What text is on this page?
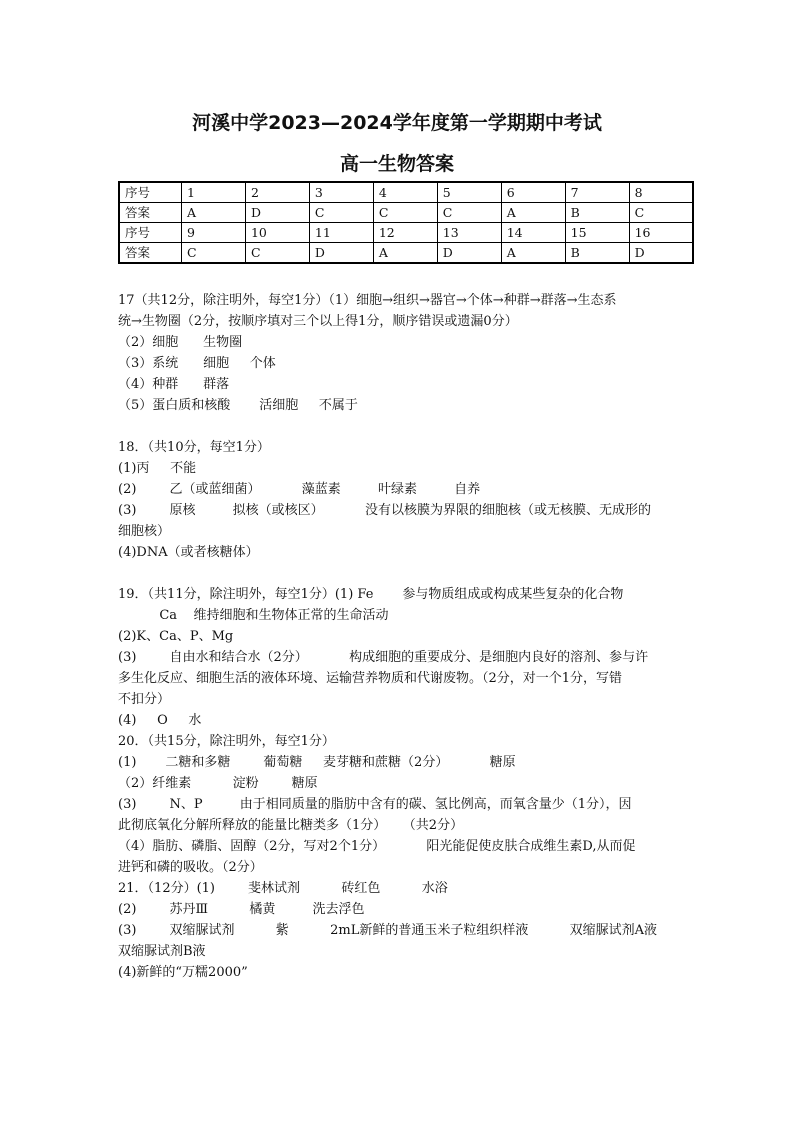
河溪中学2023—2024学年度第一学期期中考试
高一生物答案
序号	1	2	3	4	5	6	7	8
答案	A	D	C	C	C	A	B	C
序号	9	10	11	12	13	14	15	16
答案	C	C	D	A	D	A	B	D
17（共12分，除注明外，每空1分）（1）细胞→组织→器官→个体→种群→群落→生态系
统→生物圈（2分，按顺序填对三个以上得1分，顺序错误或遗漏0分）
（2）细胞      生物圈
（3）系统      细胞     个体
（4）种群      群落
（5）蛋白质和核酸       活细胞     不属于
18．（共10分，每空1分）
(1)丙     不能
(2)        乙（或蓝细菌）          藻蓝素         叶绿素         自养
(3)        原核         拟核（或核区）          没有以核膜为界限的细胞核（或无核膜、无成形的
细胞核）
(4)DNA（或者核糖体）
19．（共11分，除注明外，每空1分）(1) Fe       参与物质组成或构成某些复杂的化合物
Ca    维持细胞和生物体正常的生命活动
(2)K、Ca、P、Mg
(3)        自由水和结合水（2分）          构成细胞的重要成分、是细胞内良好的溶剂、参与许
多生化反应、细胞生活的液体环境、运输营养物质和代谢废物。（2分，对一个1分，写错
不扣分）
(4)     O     水
20．（共15分，除注明外，每空1分）
(1)       二糖和多糖        葡萄糖     麦芽糖和蔗糖（2分）          糖原
（2）纤维素          淀粉        糖原
(3)        N、P         由于相同质量的脂肪中含有的碳、氢比例高，而氧含量少（1分），因
此彻底氧化分解所释放的能量比糖类多（1分）    （共2分）
（4）脂肪、磷脂、固醇（2分，写对2个1分）          阳光能促使皮肤合成维生素D,从而促
进钙和磷的吸收。（2分）
21．（12分）(1)        斐林试剂          砖红色          水浴
(2)        苏丹Ⅲ          橘黄         洗去浮色
(3)        双缩脲试剂          紫          2mL新鲜的普通玉米子粒组织样液          双缩脲试剂A液
双缩脲试剂B液
(4)新鲜的“万糯2000”
